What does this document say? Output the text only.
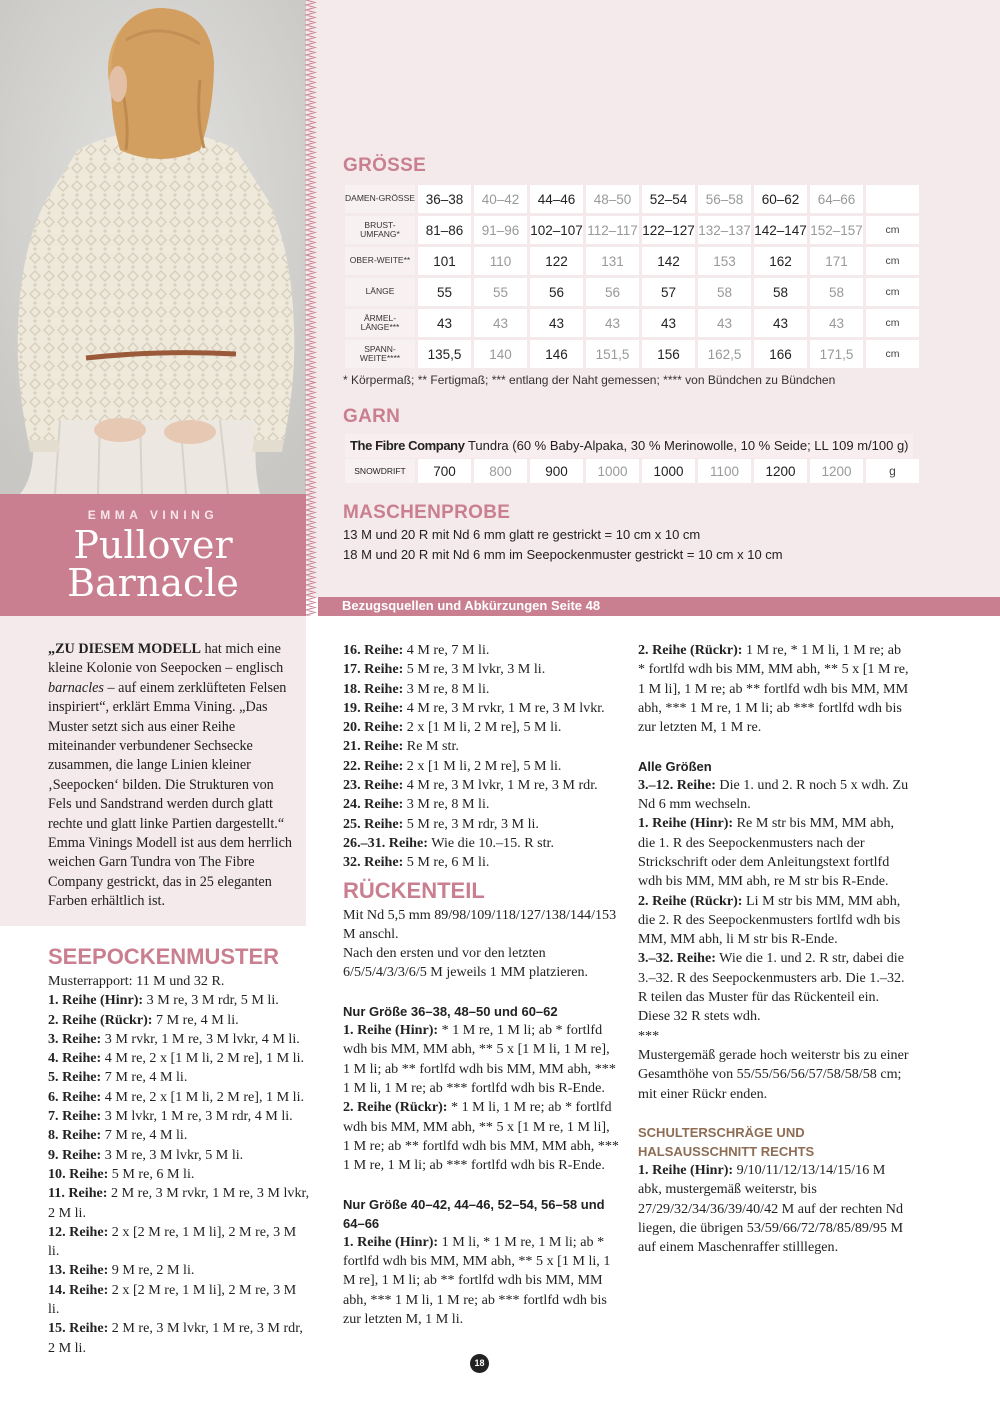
EMMA VINING
Pullover
Barnacle
Bezugsquellen und Abkürzungen Seite 48
GRÖSSE
DAMEN-GRÖSSE	36–38	40–42	44–46	48–50	52–54	56–58	60–62	64–66	
BRUST-UMFANG*	81–86	91–96	102–107	112–117	122–127	132–137	142–147	152–157	cm
OBER-WEITE**	101	110	122	131	142	153	162	171	cm
LÄNGE	55	55	56	56	57	58	58	58	cm
ÄRMEL-LÄNGE***	43	43	43	43	43	43	43	43	cm
SPANN-WEITE****	135,5	140	146	151,5	156	162,5	166	171,5	cm
* Körpermaß; ** Fertigmaß; *** entlang der Naht gemessen; **** von Bündchen zu Bündchen
GARN
The Fibre Company Tundra (60 % Baby-Alpaka, 30 % Merinowolle, 10 % Seide; LL 109 m/100 g)
SNOWDRIFT	700	800	900	1000	1000	1100	1200	1200	g
MASCHENPROBE
13 M und 20 R mit Nd 6 mm glatt re gestrickt = 10 cm x 10 cm
18 M und 20 R mit Nd 6 mm im Seepockenmuster gestrickt = 10 cm x 10 cm

„ZU DIESEM MODELL hat mich eine kleine Kolonie von Seepocken – englisch barnacles – auf einem zerklüfteten Felsen inspiriert“, erklärt Emma Vining. „Das Muster setzt sich aus einer Reihe miteinander verbundener Sechsecke zusammen, die lange Linien kleiner ‚Seepocken‘ bilden. Die Strukturen von Fels und Sandstrand werden durch glatt rechte und glatt linke Partien dargestellt.“ Emma Vinings Modell ist aus dem herrlich weichen Garn Tundra von The Fibre Company gestrickt, das in 25 eleganten Farben erhältlich ist.

SEEPOCKENMUSTER

Musterrapport: 11 M und 32 R.

1. Reihe (Hinr): 3 M re, 3 M rdr, 5 M li.

2. Reihe (Rückr): 7 M re, 4 M li.

3. Reihe: 3 M rvkr, 1 M re, 3 M lvkr, 4 M li.

4. Reihe: 4 M re, 2 x [1 M li, 2 M re], 1 M li.

5. Reihe: 7 M re, 4 M li.

6. Reihe: 4 M re, 2 x [1 M li, 2 M re], 1 M li.

7. Reihe: 3 M lvkr, 1 M re, 3 M rdr, 4 M li.

8. Reihe: 7 M re, 4 M li.

9. Reihe: 3 M re, 3 M lvkr, 5 M li.

10. Reihe: 5 M re, 6 M li.

11. Reihe: 2 M re, 3 M rvkr, 1 M re, 3 M lvkr, 2 M li.

12. Reihe: 2 x [2 M re, 1 M li], 2 M re, 3 M li.

13. Reihe: 9 M re, 2 M li.

14. Reihe: 2 x [2 M re, 1 M li], 2 M re, 3 M li.

15. Reihe: 2 M re, 3 M lvkr, 1 M re, 3 M rdr, 2 M li.

16. Reihe: 4 M re, 7 M li.

17. Reihe: 5 M re, 3 M lvkr, 3 M li.

18. Reihe: 3 M re, 8 M li.

19. Reihe: 4 M re, 3 M rvkr, 1 M re, 3 M lvkr.

20. Reihe: 2 x [1 M li, 2 M re], 5 M li.

21. Reihe: Re M str.

22. Reihe: 2 x [1 M li, 2 M re], 5 M li.

23. Reihe: 4 M re, 3 M lvkr, 1 M re, 3 M rdr.

24. Reihe: 3 M re, 8 M li.

25. Reihe: 5 M re, 3 M rdr, 3 M li.

26.–31. Reihe: Wie die 10.–15. R str.

32. Reihe: 5 M re, 6 M li.

RÜCKENTEIL

Mit Nd 5,5 mm 89/98/109/118/127/138/144/153 M anschl.

Nach den ersten und vor den letzten 6/5/5/4/3/3/6/5 M jeweils 1 MM platzieren.

Nur Größe 36–38, 48–50 und 60–62

1. Reihe (Hinr): * 1 M re, 1 M li; ab * fortlfd wdh bis MM, MM abh, ** 5 x [1 M li, 1 M re], 1 M li; ab ** fortlfd wdh bis MM, MM abh, *** 1 M li, 1 M re; ab *** fortlfd wdh bis R-Ende.

2. Reihe (Rückr): * 1 M li, 1 M re; ab * fortlfd wdh bis MM, MM abh, ** 5 x [1 M re, 1 M li], 1 M re; ab ** fortlfd wdh bis MM, MM abh, *** 1 M re, 1 M li; ab *** fortlfd wdh bis R-Ende.

Nur Größe 40–42, 44–46, 52–54, 56–58 und 64–66

1. Reihe (Hinr): 1 M li, * 1 M re, 1 M li; ab * fortlfd wdh bis MM, MM abh, ** 5 x [1 M li, 1 M re], 1 M li; ab ** fortlfd wdh bis MM, MM abh, *** 1 M li, 1 M re; ab *** fortlfd wdh bis zur letzten M, 1 M li.

2. Reihe (Rückr): 1 M re, * 1 M li, 1 M re; ab * fortlfd wdh bis MM, MM abh, ** 5 x [1 M re, 1 M li], 1 M re; ab ** fortlfd wdh bis MM, MM abh, *** 1 M re, 1 M li; ab *** fortlfd wdh bis zur letzten M, 1 M re.

Alle Größen

3.–12. Reihe: Die 1. und 2. R noch 5 x wdh. Zu Nd 6 mm wechseln.

1. Reihe (Hinr): Re M str bis MM, MM abh, die 1. R des Seepockenmusters nach der Strickschrift oder dem Anleitungstext fortlfd wdh bis MM, MM abh, re M str bis R-Ende.

2. Reihe (Rückr): Li M str bis MM, MM abh, die 2. R des Seepockenmusters fortlfd wdh bis MM, MM abh, li M str bis R-Ende.

3.–32. Reihe: Wie die 1. und 2. R str, dabei die 3.–32. R des Seepockenmusters arb. Die 1.–32. R teilen das Muster für das Rückenteil ein.

Diese 32 R stets wdh.

***

Mustergemäß gerade hoch weiterstr bis zu einer Gesamthöhe von 55/55/56/56/57/58/58/58 cm; mit einer Rückr enden.

SCHULTERSCHRÄGE UND
HALSAUSSCHNITT RECHTS

1. Reihe (Hinr): 9/10/11/12/13/14/15/16 M abk, mustergemäß weiterstr, bis 27/29/32/34/36/39/40/42 M auf der rechten Nd liegen, die übrigen 53/59/66/72/78/85/89/95 M auf einem Maschenraffer stilllegen.

18
